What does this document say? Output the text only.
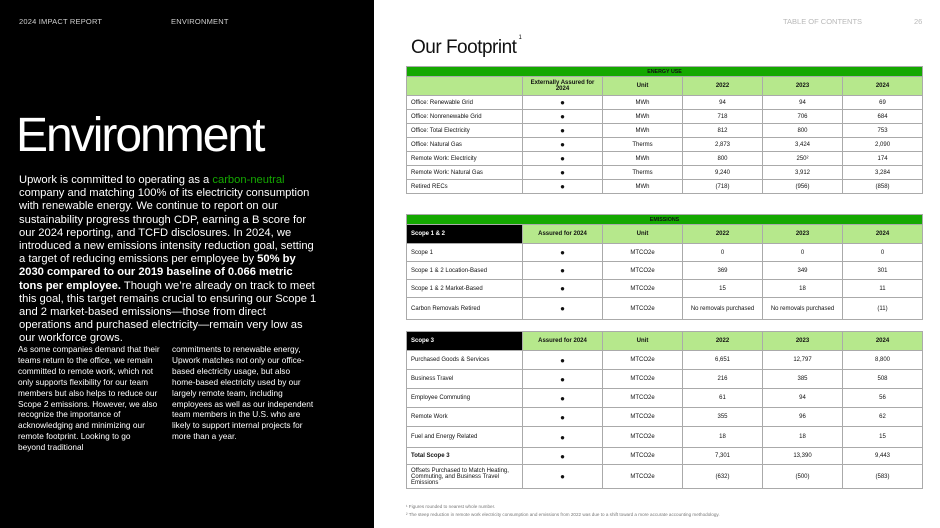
2024 IMPACT REPORT	ENVIRONMENT
Environment
Upwork is committed to operating as a carbon-neutral company and matching 100% of its electricity consumption with renewable energy. We continue to report on our sustainability progress through CDP, earning a B score for our 2024 reporting, and TCFD disclosures. In 2024, we introduced a new emissions intensity reduction goal, setting a target of reducing emissions per employee by 50% by 2030 compared to our 2019 baseline of 0.066 metric tons per employee. Though we’re already on track to meet this goal, this target remains crucial to ensuring our Scope 1 and 2 market-based emissions—those from direct operations and purchased electricity—remain very low as our workforce grows.
As some companies demand that their teams return to the office, we remain committed to remote work, which not only supports flexibility for our team members but also helps to reduce our Scope 2 emissions. However, we also recognize the importance of acknowledging and minimizing our remote footprint. Looking to go beyond traditional
commitments to renewable energy, Upwork matches not only our office-based electricity usage, but also home-based electricity used by our largely remote team, including employees as well as our independent team members in the U.S. who are likely to support internal projects for more than a year.
TABLE OF CONTENTS	26
Our Footprint $^1$
ENERGY USE					
	Externally Assured for 2024	Unit	2022	2023	2024
Office: Renewable Grid	●	MWh	94	94	69
Office: Nonrenewable Grid	●	MWh	718	706	684
Office: Total Electricity	●	MWh	812	800	753
Office: Natural Gas	●	Therms	2,873	3,424	2,090
Remote Work: Electricity	●	MWh	800	250²	174
Remote Work: Natural Gas	●	Therms	9,240	3,912	3,284
Retired RECs	●	MWh	(718)	(956)	(858)
EMISSIONS					
Scope 1 & 2	Assured for 2024	Unit	2022	2023	2024
Scope 1	●	MTCO2e	0	0	0
Scope 1 & 2 Location-Based	●	MTCO2e	369	349	301
Scope 1 & 2 Market-Based	●	MTCO2e	15	18	11
Carbon Removals Retired	●	MTCO2e	No removals purchased	No removals purchased	(11)
Scope 3	Assured for 2024	Unit	2022	2023	2024
Purchased Goods & Services	●	MTCO2e	6,651	12,797	8,800
Business Travel	●	MTCO2e	216	385	508
Employee Commuting	●	MTCO2e	61	94	56
Remote Work	●	MTCO2e	355	96	62
Fuel and Energy Related	●	MTCO2e	18	18	15
Total Scope 3	●	MTCO2e	7,301	13,390	9,443
Offsets Purchased to Match Heating, Commuting, and Business Travel Emissions	●	MTCO2e	(632)	(500)	(583)
¹ Figures rounded to nearest whole number.
² The steep reduction in remote work electricity consumption and emissions from 2022 was due to a shift toward a more accurate accounting methodology.
